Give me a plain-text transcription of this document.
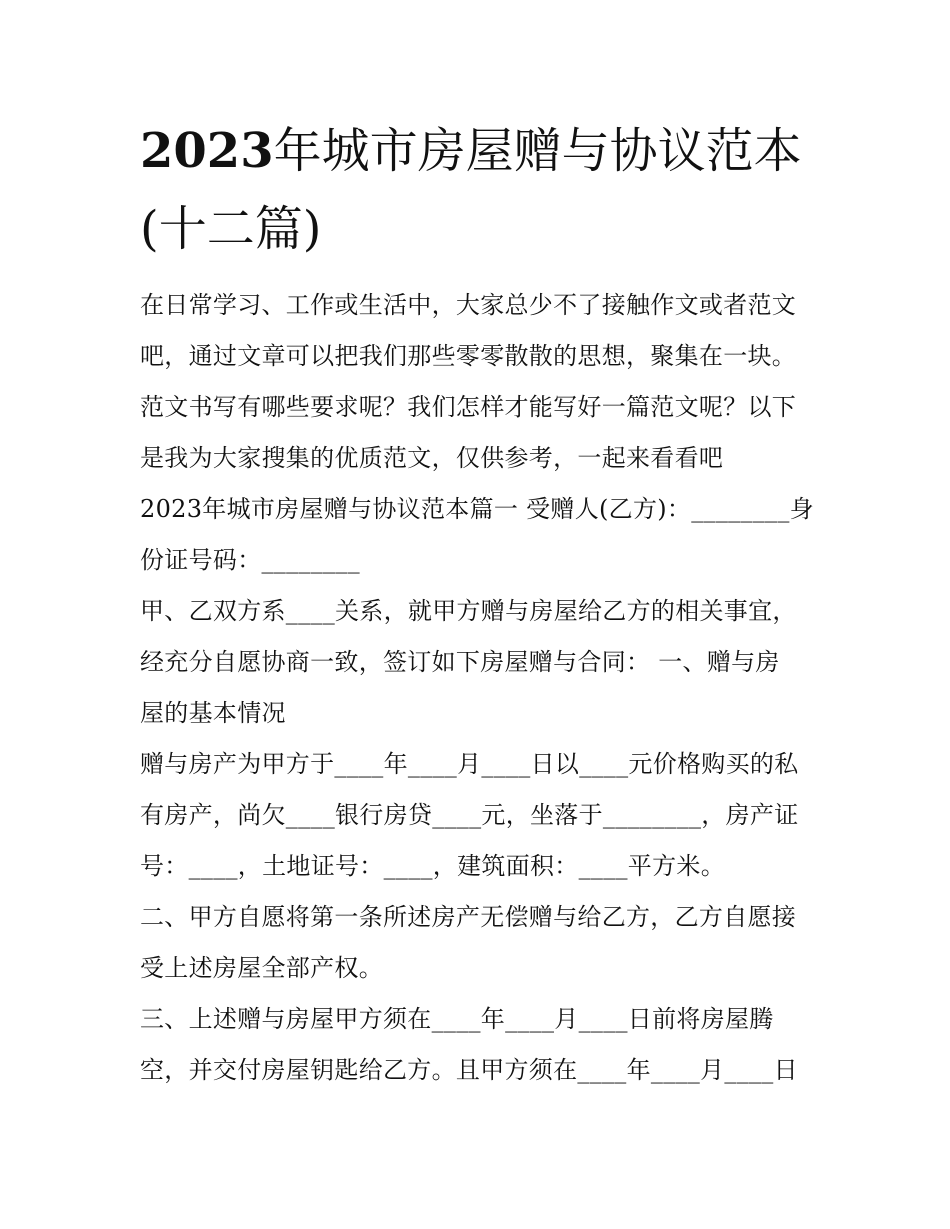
2023年城市房屋赠与协议范本
(十二篇)

在日常学习、工作或生活中，大家总少不了接触作文或者范文

吧，通过文章可以把我们那些零零散散的思想，聚集在一块。

范文书写有哪些要求呢？我们怎样才能写好一篇范文呢？以下

是我为大家搜集的优质范文，仅供参考，一起来看看吧

2023年城市房屋赠与协议范本篇一 受赠人(乙方)：________身

份证号码：________

甲、乙双方系____关系，就甲方赠与房屋给乙方的相关事宜，

经充分自愿协商一致，签订如下房屋赠与合同： 一、赠与房

屋的基本情况

赠与房产为甲方于____年____月____日以____元价格购买的私

有房产，尚欠____银行房贷____元，坐落于________，房产证

号：____，土地证号：____，建筑面积：____平方米。

二、甲方自愿将第一条所述房产无偿赠与给乙方，乙方自愿接

受上述房屋全部产权。

三、上述赠与房屋甲方须在____年____月____日前将房屋腾

空，并交付房屋钥匙给乙方。且甲方须在____年____月____日
